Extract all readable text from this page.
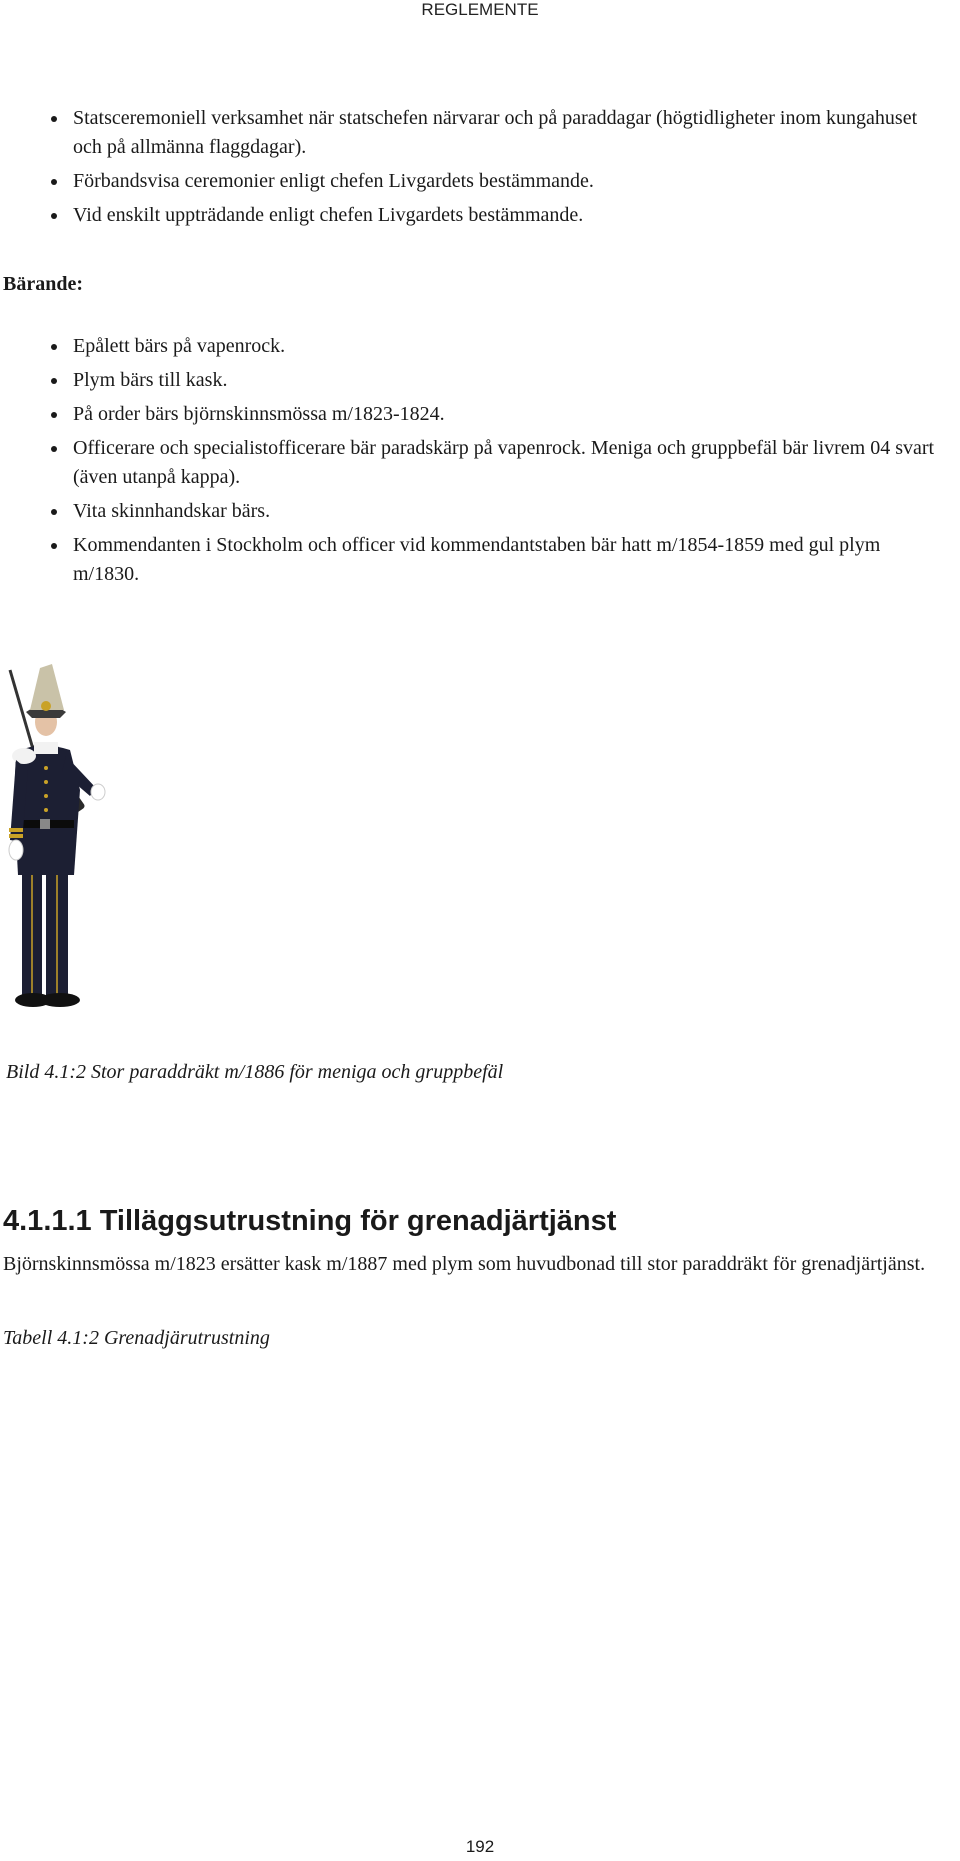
REGLEMENTE
Statsceremoniell verksamhet när statschefen närvarar och på paraddagar (högtidligheter inom kungahuset och på allmänna flaggdagar).
Förbandsvisa ceremonier enligt chefen Livgardets bestämmande.
Vid enskilt uppträdande enligt chefen Livgardets bestämmande.
Bärande:
Epålett bärs på vapenrock.
Plym bärs till kask.
På order bärs björnskinnsmössa m/1823-1824.
Officerare och specialistofficerare bär paradskärp på vapenrock. Meniga och gruppbefäl bär livrem 04 svart (även utanpå kappa).
Vita skinnhandskar bärs.
Kommendanten i Stockholm och officer vid kommendantstaben bär hatt m/1854-1859 med gul plym m/1830.
Bild 4.1:2 Stor paraddräkt m/1886 för meniga och gruppbefäl
4.1.1.1 Tilläggsutrustning för grenadjärtjänst

Björnskinnsmössa m/1823 ersätter kask m/1887 med plym som huvudbonad till stor paraddräkt för grenadjärtjänst.

Tabell 4.1:2 Grenadjärutrustning
192
